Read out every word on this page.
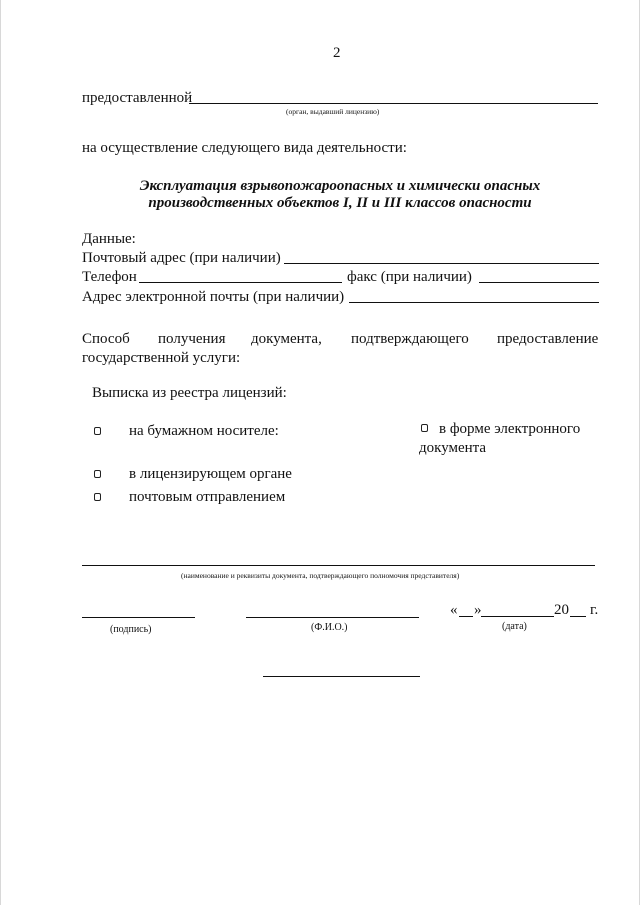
2
предоставленной
(орган, выдавший лицензию)
на осуществление следующего вида деятельности:
Эксплуатация взрывопожароопасных и химически опасных
производственных объектов I, II и III классов опасности
Данные:
Почтовый адрес (при наличии)
Телефон	факс (при наличии)
Адрес электронной почты (при наличии)
Способ получения документа, подтверждающего предоставление
государственной услуги:
Выписка из реестра лицензий:
на бумажном носителе:	в форме электронного
документа
в лицензирующем органе
почтовым отправлением
(наименование и реквизиты документа, подтверждающего полномочия представителя)
« »	20 г.
(подпись)	(Ф.И.О.)	(дата)
